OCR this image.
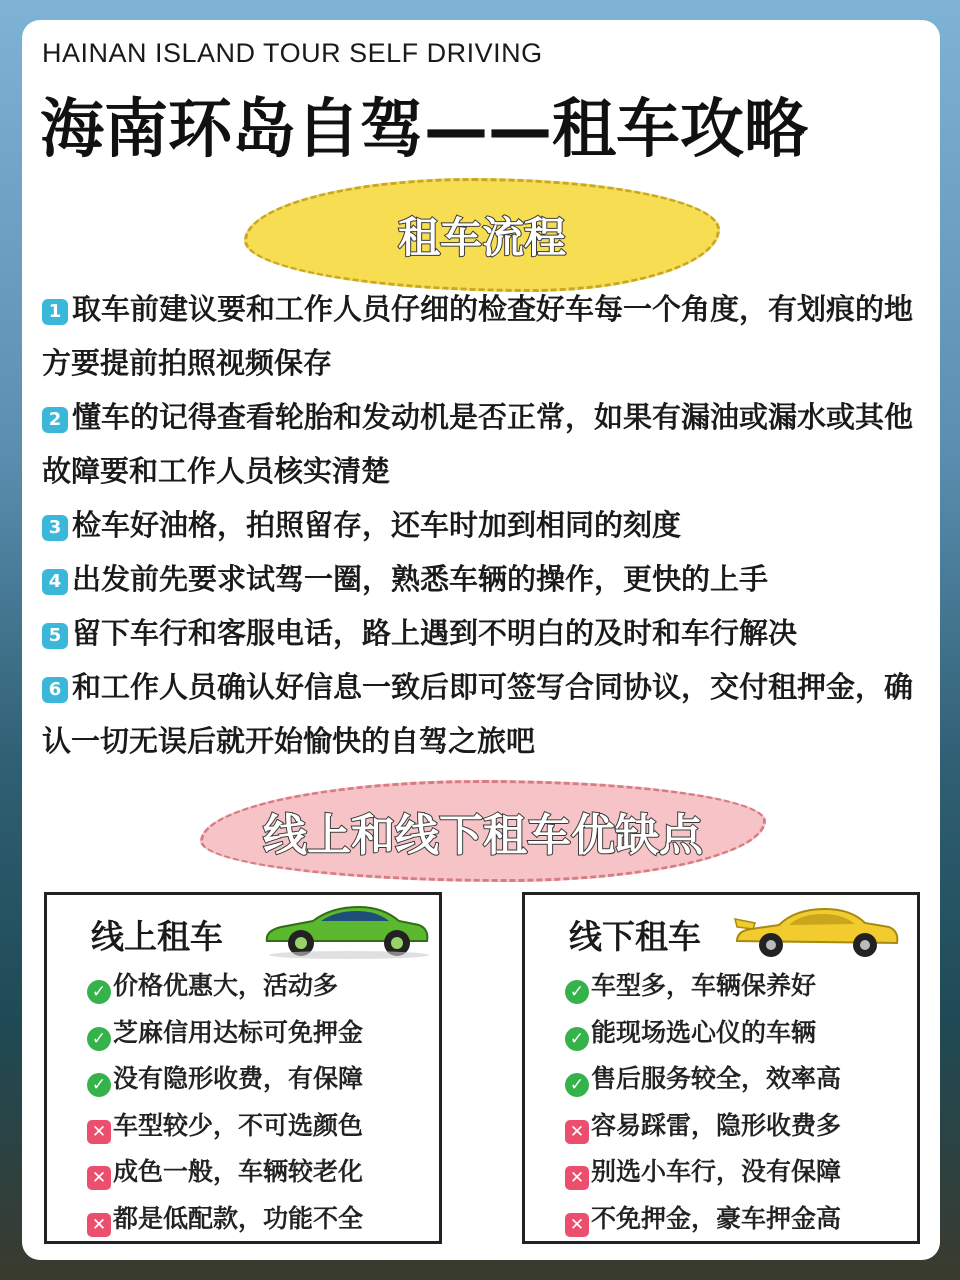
HAINAN ISLAND TOUR SELF DRIVING
海南环岛自驾——租车攻略
租车流程

1 取车前建议要和工作人员仔细的检查好车每一个角度，有划痕的地方要提前拍照视频保存

2 懂车的记得查看轮胎和发动机是否正常，如果有漏油或漏水或其他故障要和工作人员核实清楚

3 检车好油格，拍照留存，还车时加到相同的刻度

4 出发前先要求试驾一圈，熟悉车辆的操作，更快的上手

5 留下车行和客服电话，路上遇到不明白的及时和车行解决

6 和工作人员确认好信息一致后即可签写合同协议，交付租押金，确认一切无误后就开始愉快的自驾之旅吧

线上和线下租车优缺点
线上租车
✓ 价格优惠大，活动多
✓ 芝麻信用达标可免押金
✓ 没有隐形收费，有保障
✕ 车型较少，不可选颜色
✕ 成色一般，车辆较老化
✕ 都是低配款，功能不全
线下租车
✓ 车型多，车辆保养好
✓ 能现场选心仪的车辆
✓ 售后服务较全，效率高
✕ 容易踩雷，隐形收费多
✕ 别选小车行，没有保障
✕ 不免押金，豪车押金高
